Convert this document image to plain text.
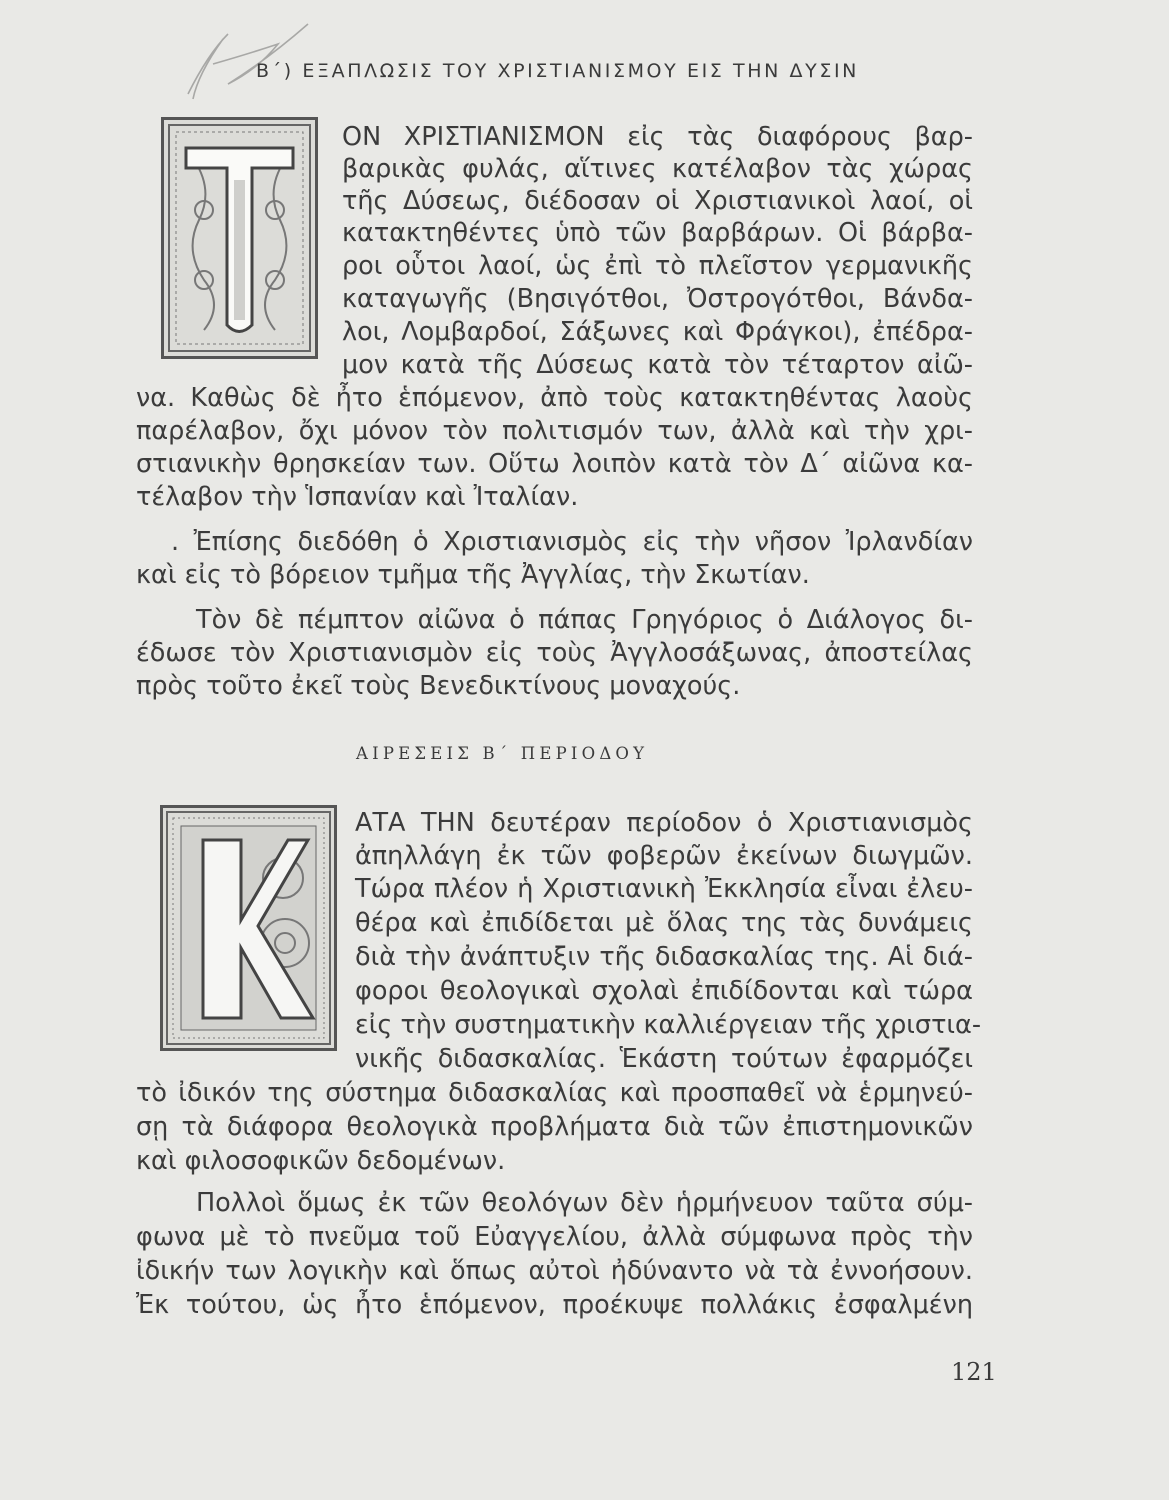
Β΄) ΕΞΑΠΛΩΣΙΣ ΤΟΥ ΧΡΙΣΤΙΑΝΙΣΜΟΥ ΕΙΣ ΤΗΝ ΔΥΣΙΝ
ΟΝ ΧΡΙΣΤΙΑΝΙΣΜΟΝ εἰς τὰς διαφόρους βαρ-
βαρικὰς φυλάς, αἵτινες κατέλαβον τὰς χώρας
τῆς Δύσεως, διέδοσαν οἱ Χριστιανικοὶ λαοί, οἱ
κατακτηθέντες ὑπὸ τῶν βαρβάρων. Οἱ βάρβα-
ροι οὗτοι λαοί, ὡς ἐπὶ τὸ πλεῖστον γερμανικῆς
καταγωγῆς (Βησιγότθοι, Ὀστρογότθοι, Βάνδα-
λοι, Λομβαρδοί, Σάξωνες καὶ Φράγκοι), ἐπέδρα-
μον κατὰ τῆς Δύσεως κατὰ τὸν τέταρτον αἰῶ-
να. Καθὼς δὲ ἦτο ἑπόμενον, ἀπὸ τοὺς κατακτηθέντας λαοὺς
παρέλαβον, ὄχι μόνον τὸν πολιτισμόν των, ἀλλὰ καὶ τὴν χρι-
στιανικὴν θρησκείαν των. Οὕτω λοιπὸν κατὰ τὸν Δ΄ αἰῶνα κα-
τέλαβον τὴν Ἱσπανίαν καὶ Ἰταλίαν.
. Ἐπίσης διεδόθη ὁ Χριστιανισμὸς εἰς τὴν νῆσον Ἰρλανδίαν
καὶ εἰς τὸ βόρειον τμῆμα τῆς Ἀγγλίας, τὴν Σκωτίαν.
Τὸν δὲ πέμπτον αἰῶνα ὁ πάπας Γρηγόριος ὁ Διάλογος δι-
έδωσε τὸν Χριστιανισμὸν εἰς τοὺς Ἀγγλοσάξωνας, ἀποστείλας
πρὸς τοῦτο ἐκεῖ τοὺς Βενεδικτίνους μοναχούς.
ΑΙΡΕΣΕΙΣ Β΄ ΠΕΡΙΟΔΟΥ
ΑΤΑ ΤΗΝ δευτέραν περίοδον ὁ Χριστιανισμὸς
ἀπηλλάγη ἐκ τῶν φοβερῶν ἐκείνων διωγμῶν.
Τώρα πλέον ἡ Χριστιανικὴ Ἐκκλησία εἶναι ἐλευ-
θέρα καὶ ἐπιδίδεται μὲ ὅλας της τὰς δυνάμεις
διὰ τὴν ἀνάπτυξιν τῆς διδασκαλίας της. Αἱ διά-
φοροι θεολογικαὶ σχολαὶ ἐπιδίδονται καὶ τώρα
εἰς τὴν συστηματικὴν καλλιέργειαν τῆς χριστια-
νικῆς διδασκαλίας. Ἑκάστη τούτων ἐφαρμόζει
τὸ ἰδικόν της σύστημα διδασκαλίας καὶ προσπαθεῖ νὰ ἑρμηνεύ-
σῃ τὰ διάφορα θεολογικὰ προβλήματα διὰ τῶν ἐπιστημονικῶν
καὶ φιλοσοφικῶν δεδομένων.
Πολλοὶ ὅμως ἐκ τῶν θεολόγων δὲν ἡρμήνευον ταῦτα σύμ-
φωνα μὲ τὸ πνεῦμα τοῦ Εὐαγγελίου, ἀλλὰ σύμφωνα πρὸς τὴν
ἰδικήν των λογικὴν καὶ ὅπως αὐτοὶ ἠδύναντο νὰ τὰ ἐννοήσουν.
Ἐκ τούτου, ὡς ἦτο ἑπόμενον, προέκυψε πολλάκις ἐσφαλμένη
121
